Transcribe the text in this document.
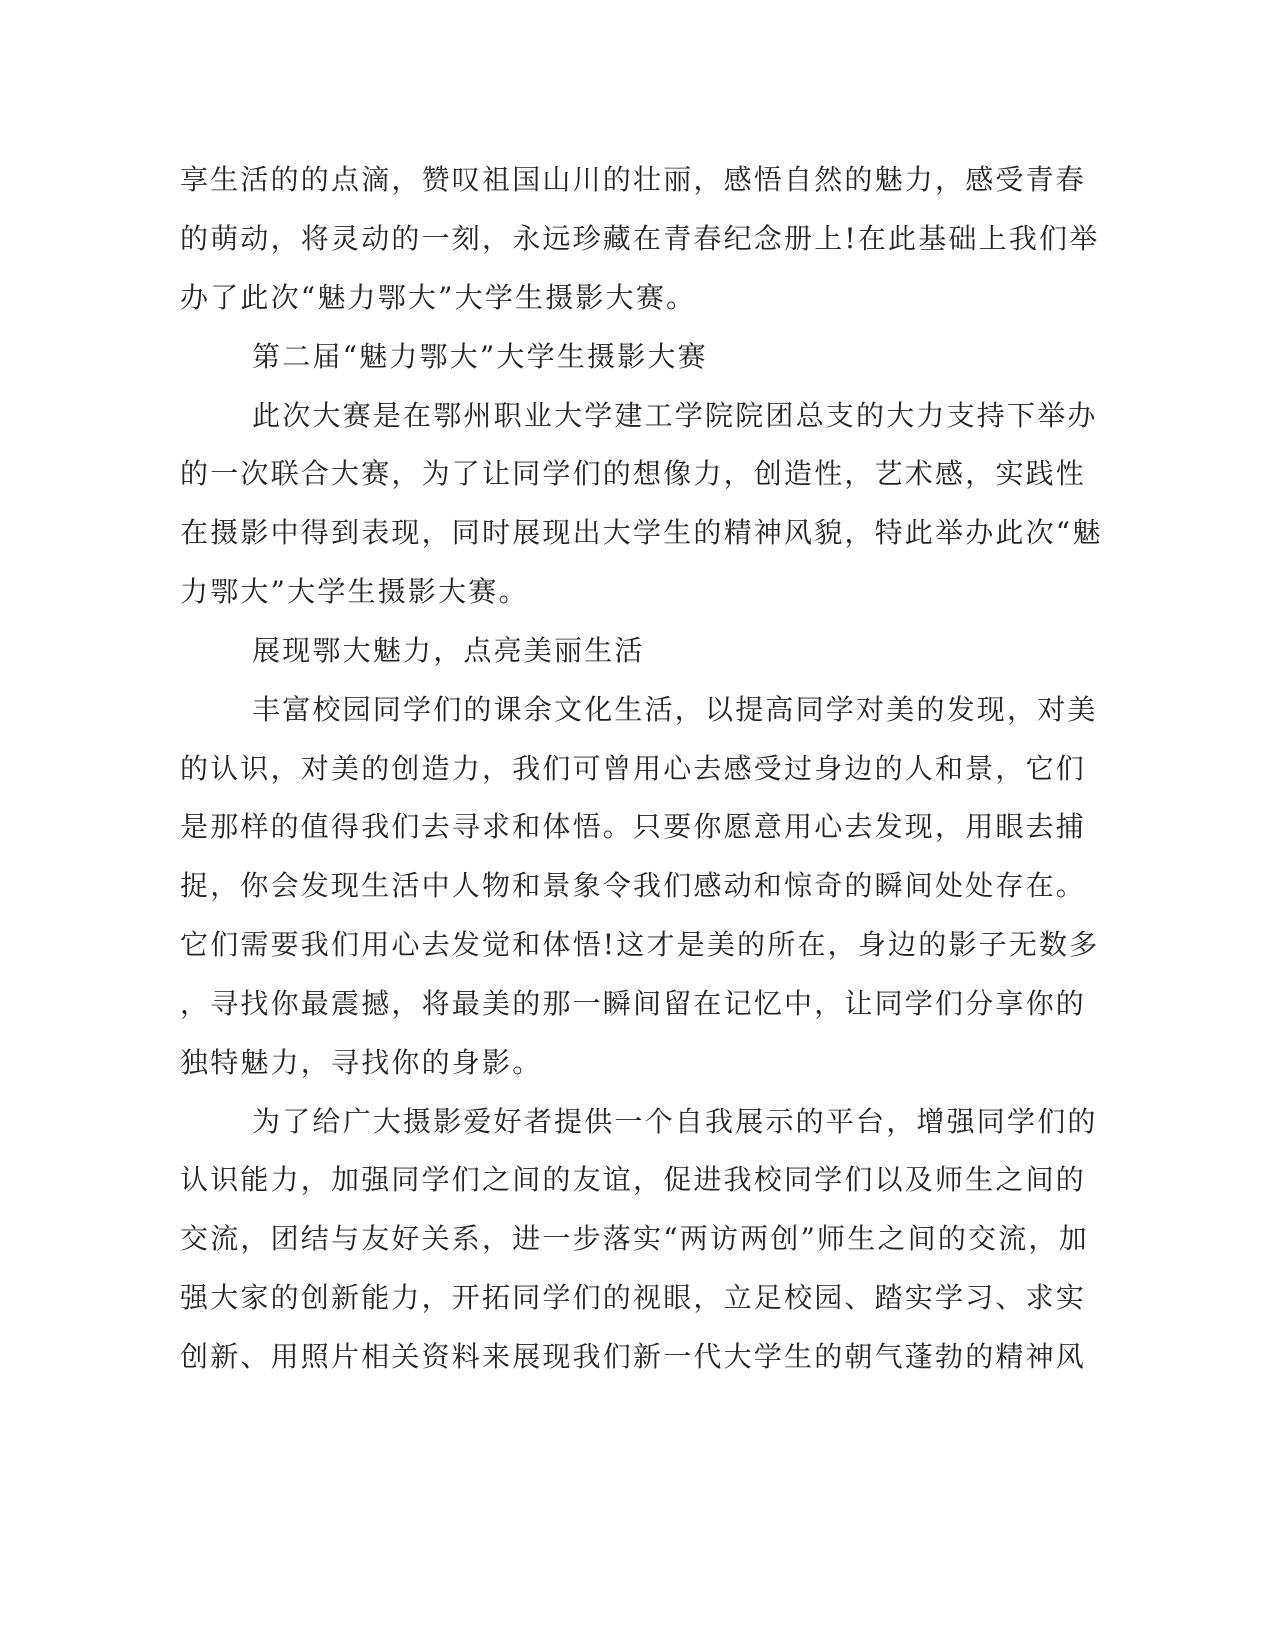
享生活的的点滴，赞叹祖国山川的壮丽，感悟自然的魅力，感受青春
的萌动，将灵动的一刻，永远珍藏在青春纪念册上!在此基础上我们举
办了此次“魅力鄂大”大学生摄影大赛。
第二届“魅力鄂大”大学生摄影大赛
此次大赛是在鄂州职业大学建工学院院团总支的大力支持下举办
的一次联合大赛，为了让同学们的想像力，创造性，艺术感，实践性
在摄影中得到表现，同时展现出大学生的精神风貌，特此举办此次“魅
力鄂大”大学生摄影大赛。
展现鄂大魅力，点亮美丽生活
丰富校园同学们的课余文化生活，以提高同学对美的发现，对美
的认识，对美的创造力，我们可曾用心去感受过身边的人和景，它们
是那样的值得我们去寻求和体悟。只要你愿意用心去发现，用眼去捕
捉，你会发现生活中人物和景象令我们感动和惊奇的瞬间处处存在。
它们需要我们用心去发觉和体悟!这才是美的所在，身边的影子无数多
，寻找你最震撼，将最美的那一瞬间留在记忆中，让同学们分享你的
独特魅力，寻找你的身影。
为了给广大摄影爱好者提供一个自我展示的平台，增强同学们的
认识能力，加强同学们之间的友谊，促进我校同学们以及师生之间的
交流，团结与友好关系，进一步落实“两访两创”师生之间的交流，加
强大家的创新能力，开拓同学们的视眼，立足校园、踏实学习、求实
创新、用照片相关资料来展现我们新一代大学生的朝气蓬勃的精神风
